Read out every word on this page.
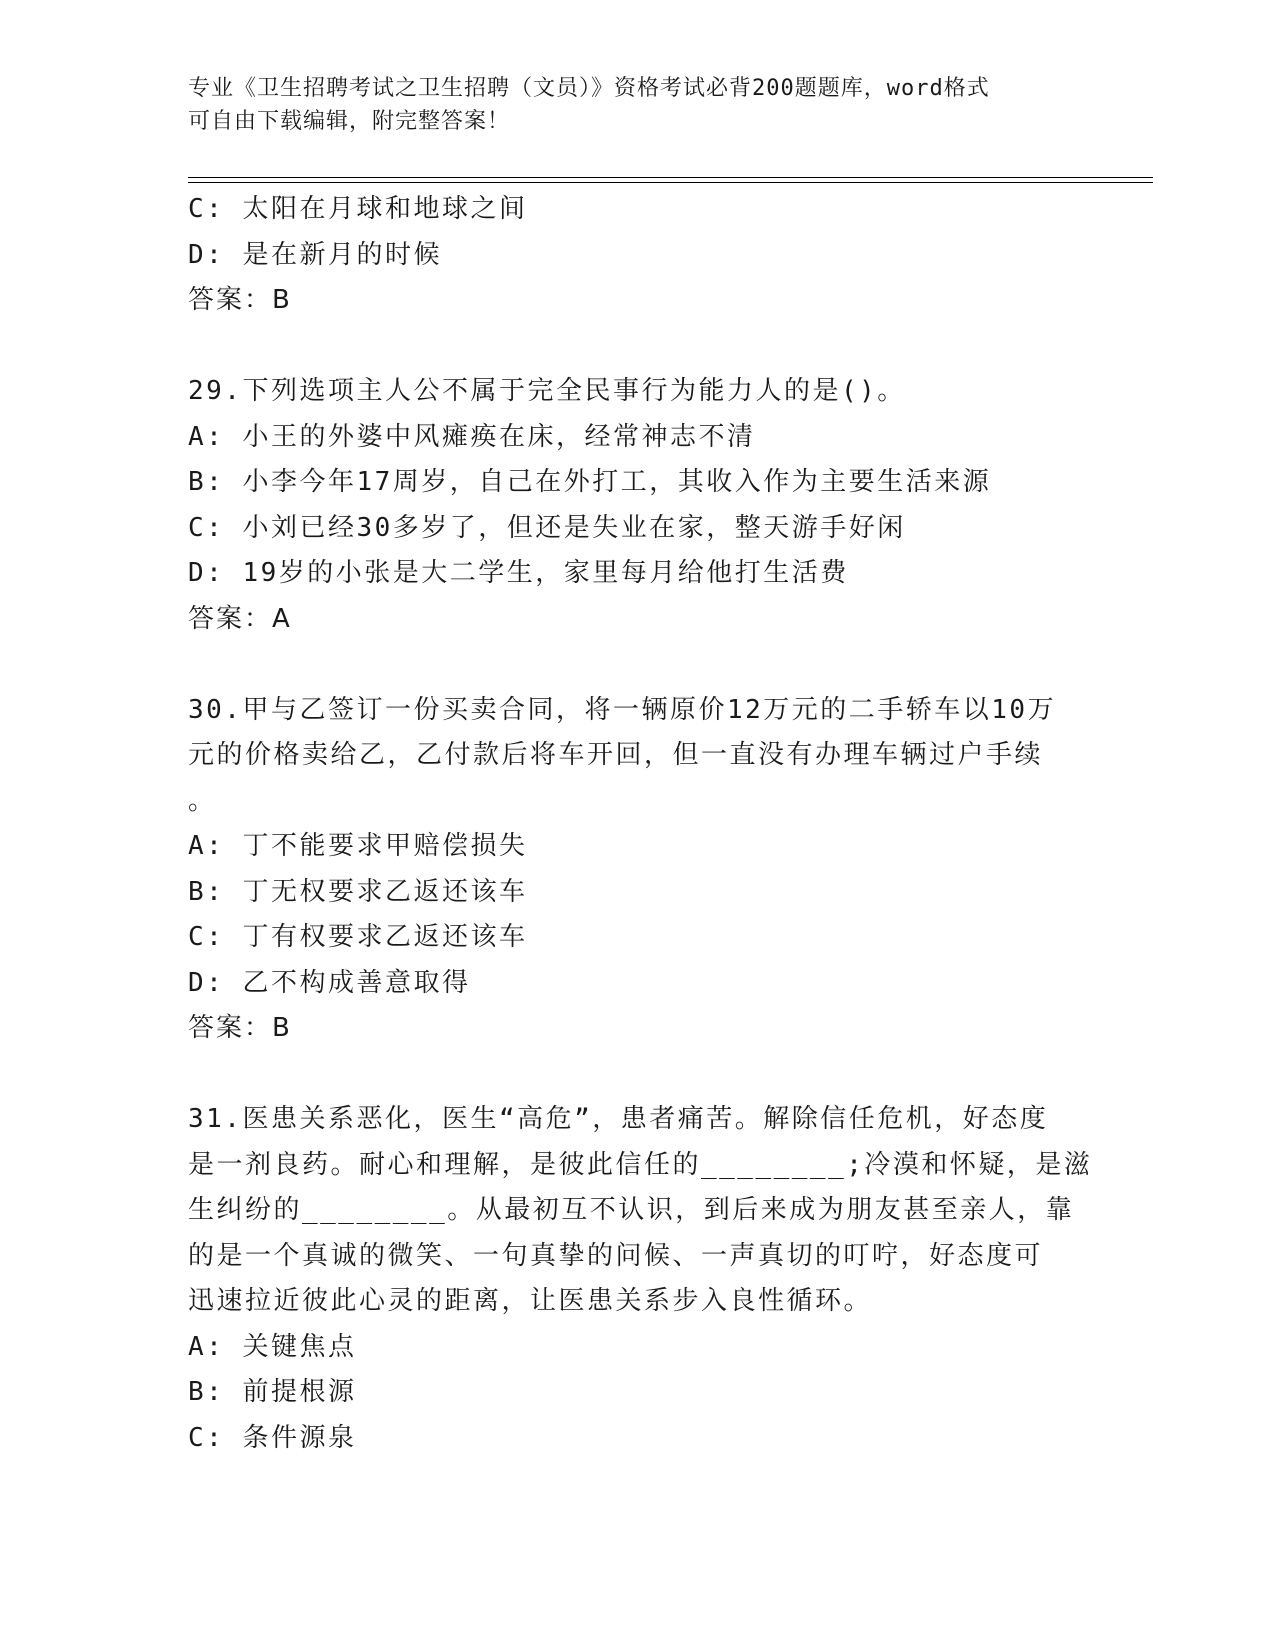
专业《卫生招聘考试之卫生招聘（文员）》资格考试必背200题题库，word格式

可自由下载编辑，附完整答案！

C: 太阳在月球和地球之间
D: 是在新月的时候
答案：B
29.下列选项主人公不属于完全民事行为能力人的是()。
A: 小王的外婆中风瘫痪在床，经常神志不清
B: 小李今年17周岁，自己在外打工，其收入作为主要生活来源
C: 小刘已经30多岁了，但还是失业在家，整天游手好闲
D: 19岁的小张是大二学生，家里每月给他打生活费
答案：A
30.甲与乙签订一份买卖合同，将一辆原价12万元的二手轿车以10万
元的价格卖给乙，乙付款后将车开回，但一直没有办理车辆过户手续
。
A: 丁不能要求甲赔偿损失
B: 丁无权要求乙返还该车
C: 丁有权要求乙返还该车
D: 乙不构成善意取得
答案：B
31.医患关系恶化，医生“高危”，患者痛苦。解除信任危机，好态度
是一剂良药。耐心和理解，是彼此信任的________;冷漠和怀疑，是滋
生纠纷的________。从最初互不认识，到后来成为朋友甚至亲人，靠
的是一个真诚的微笑、一句真挚的问候、一声真切的叮咛，好态度可
迅速拉近彼此心灵的距离，让医患关系步入良性循环。
A: 关键焦点
B: 前提根源
C: 条件源泉
